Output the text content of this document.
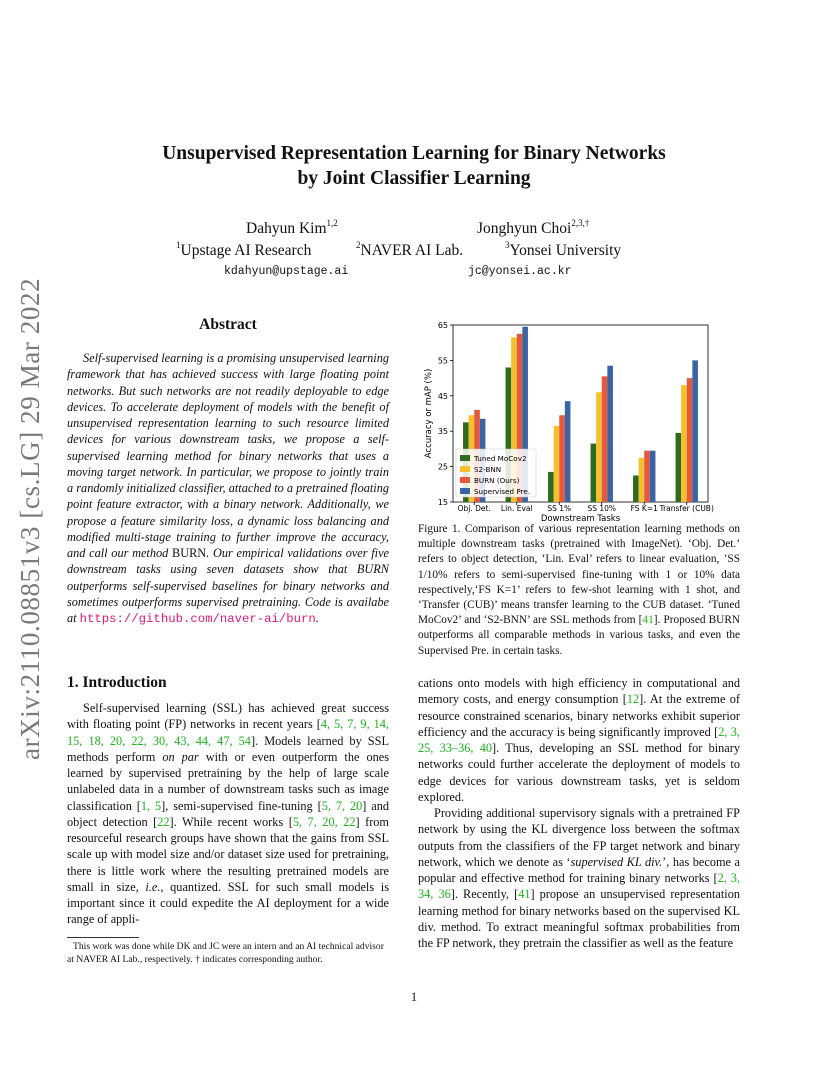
arXiv:2110.08851v3 [cs.LG] 29 Mar 2022
Unsupervised Representation Learning for Binary Networks
by Joint Classifier Learning
Dahyun Kim$^{1,2}$	Jonghyun Choi$^{2,3,\dagger}$
$^1$Upstage AI Research	$^2$NAVER AI Lab.	$^3$Yonsei University
kdahyun@upstage.ai	jc@yonsei.ac.kr
Abstract
Self-supervised learning is a promising unsupervised learning framework that has achieved success with large floating point networks. But such networks are not readily deployable to edge devices. To accelerate deployment of models with the benefit of unsupervised representation learning to such resource limited devices for various downstream tasks, we propose a self-supervised learning method for binary networks that uses a moving target network. In particular, we propose to jointly train a randomly initialized classifier, attached to a pretrained floating point feature extractor, with a binary network. Additionally, we propose a feature similarity loss, a dynamic loss balancing and modified multi-stage training to further improve the accuracy, and call our method BURN. Our empirical validations over five downstream tasks using seven datasets show that BURN outperforms self-supervised baselines for binary networks and sometimes outperforms supervised pretraining. Code is availabe at https://github.com/naver-ai/burn.
1. Introduction
Self-supervised learning (SSL) has achieved great success with floating point (FP) networks in recent years [4, 5, 7, 9, 14, 15, 18, 20, 22, 30, 43, 44, 47, 54]. Models learned by SSL methods perform on par with or even outperform the ones learned by supervised pretraining by the help of large scale unlabeled data in a number of downstream tasks such as image classification [1, 5], semi-supervised fine-tuning [5, 7, 20] and object detection [22]. While recent works [5, 7, 20, 22] from resourceful research groups have shown that the gains from SSL scale up with model size and/or dataset size used for pretraining, there is little work where the resulting pretrained models are small in size, i.e., quantized. SSL for such small models is important since it could expedite the AI deployment for a wide range of appli-
This work was done while DK and JC were an intern and an AI technical advisor at NAVER AI Lab., respectively. † indicates corresponding author.
15
25
35
45
55
65
Accuracy or mAP (%)
Obj. Det. Lin. Eval SS 1% SS 10% FS K=1 Transfer (CUB)
Downstream Tasks
Tuned MoCov2
S2-BNN
BURN (Ours)
Supervised Pre.
Figure 1. Comparison of various representation learning methods on multiple downstream tasks (pretrained with ImageNet). ‘Obj. Det.’ refers to object detection, ‘Lin. Eval’ refers to linear evaluation, ’SS 1/10% refers to semi-supervised fine-tuning with 1 or 10% data respectively,‘FS K=1’ refers to few-shot learning with 1 shot, and ‘Transfer (CUB)’ means transfer learning to the CUB dataset. ‘Tuned MoCov2’ and ‘S2-BNN’ are SSL methods from [41]. Proposed BURN outperforms all comparable methods in various tasks, and even the Supervised Pre. in certain tasks.
cations onto models with high efficiency in computational and memory costs, and energy consumption [12]. At the extreme of resource constrained scenarios, binary networks exhibit superior efficiency and the accuracy is being significantly improved [2, 3, 25, 33–36, 40]. Thus, developing an SSL method for binary networks could further accelerate the deployment of models to edge devices for various downstream tasks, yet is seldom explored.
Providing additional supervisory signals with a pretrained FP network by using the KL divergence loss between the softmax outputs from the classifiers of the FP target network and binary network, which we denote as ‘supervised KL div.’, has become a popular and effective method for training binary networks [2, 3, 34, 36]. Recently, [41] propose an unsupervised representation learning method for binary networks based on the supervised KL div. method. To extract meaningful softmax probabilities from the FP network, they pretrain the classifier as well as the feature
1
